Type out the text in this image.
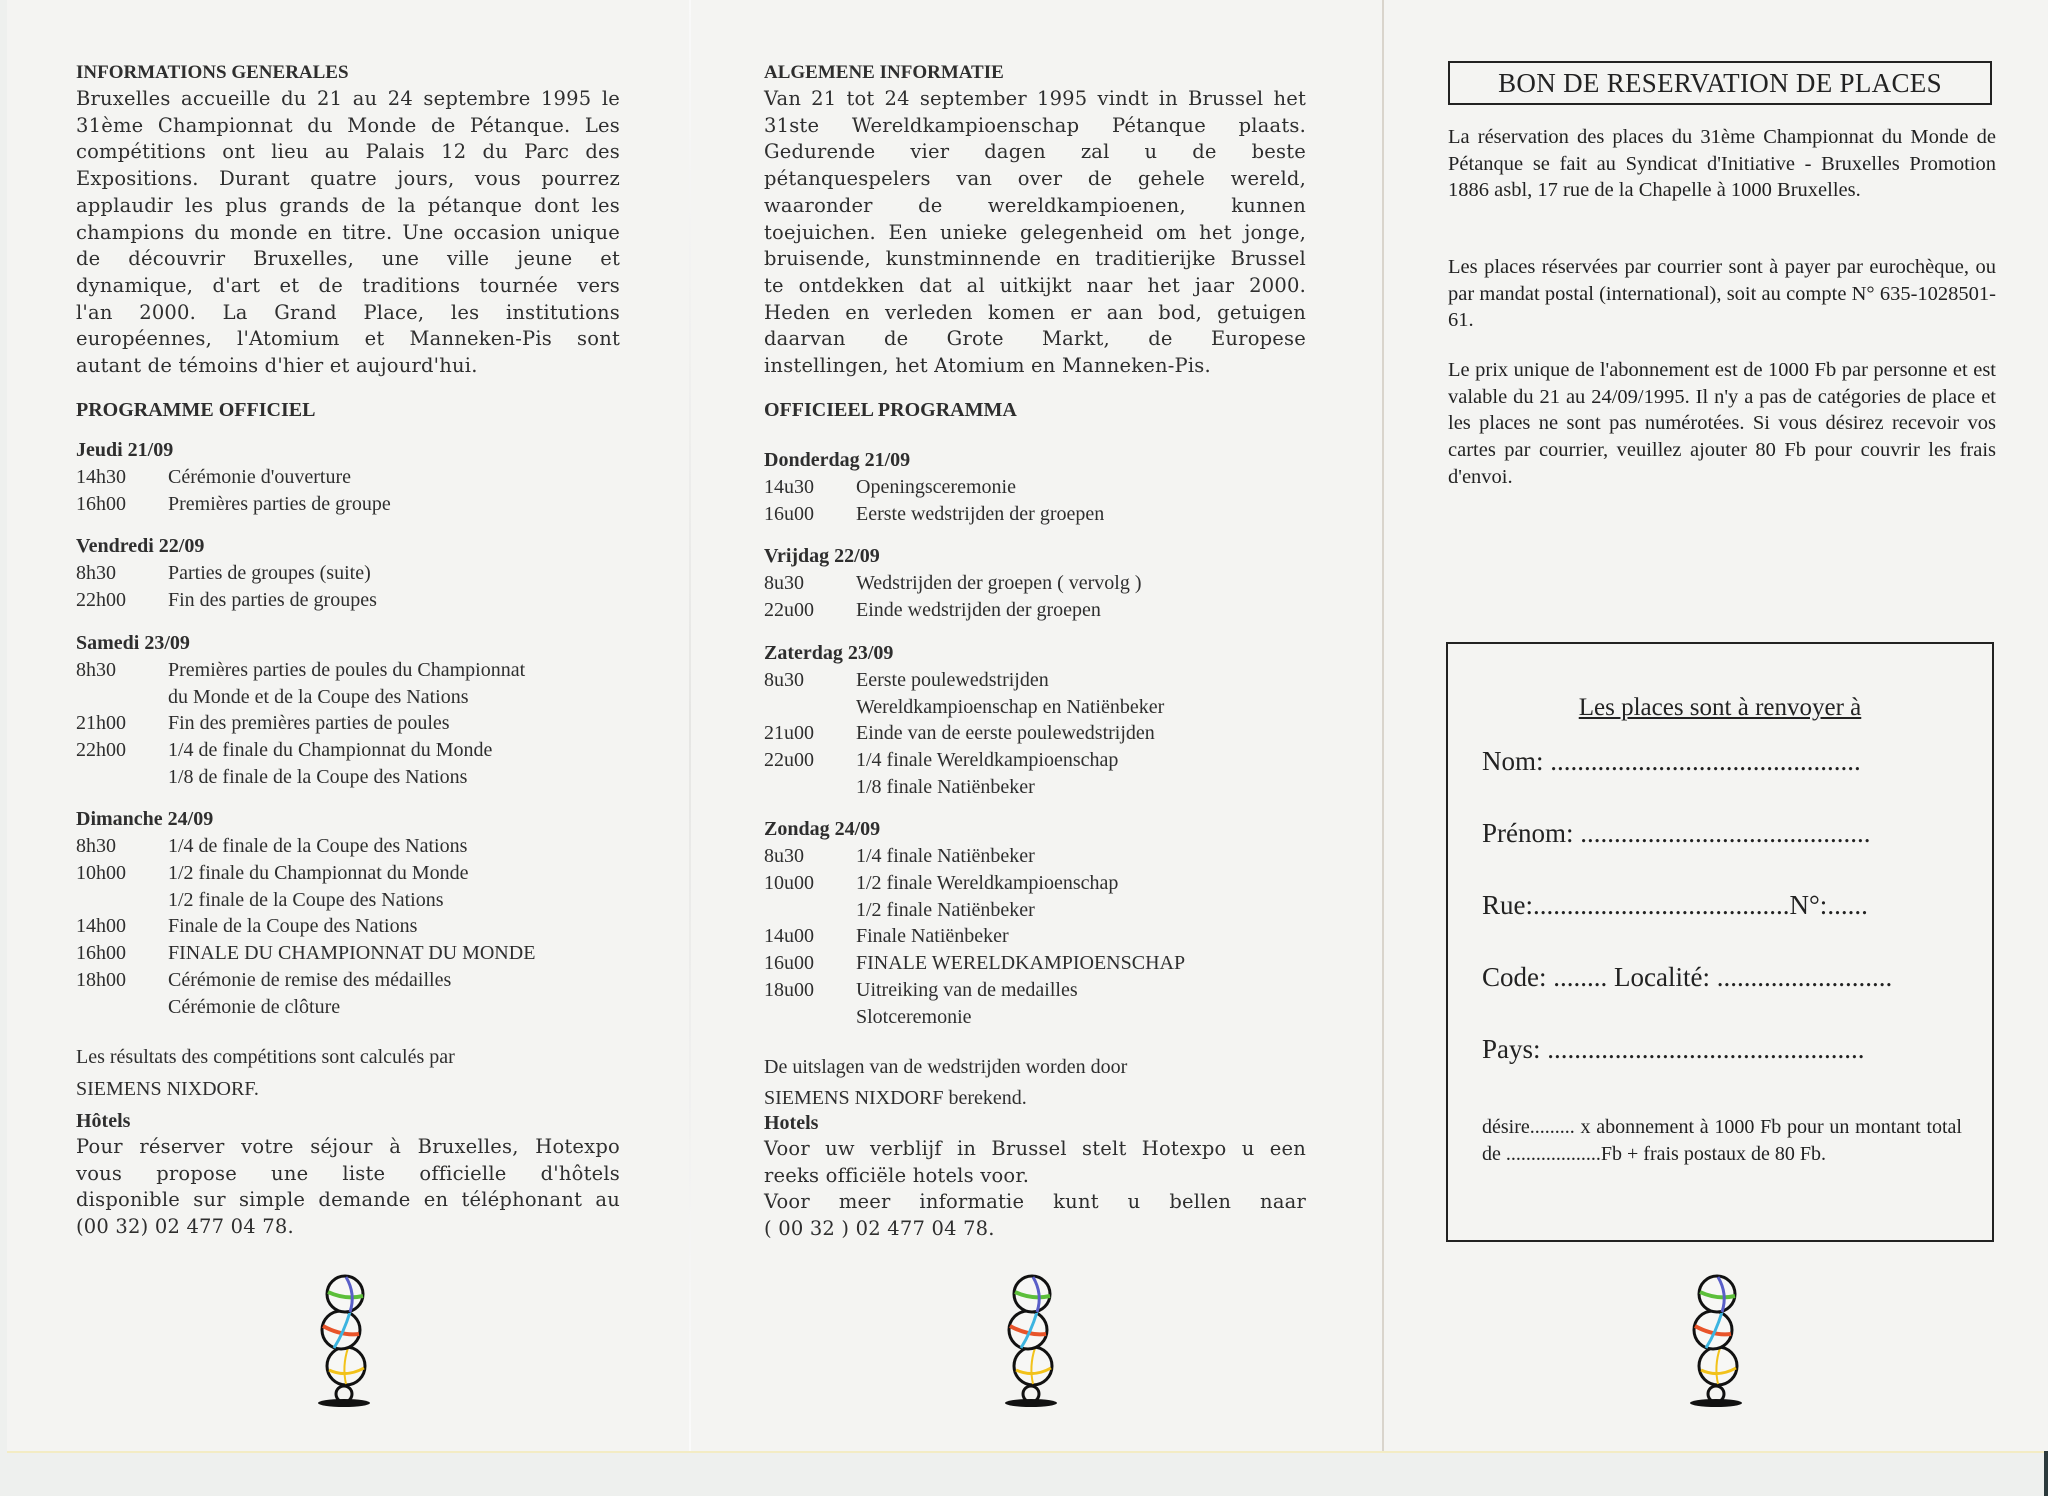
INFORMATIONS GENERALES

Bruxelles accueille du 21 au 24 septembre 1995 le

31ème Championnat du Monde de Pétanque. Les

compétitions ont lieu au Palais 12 du Parc des

Expositions. Durant quatre jours, vous pourrez

applaudir les plus grands de la pétanque dont les

champions du monde en titre. Une occasion unique

de découvrir Bruxelles, une ville jeune et

dynamique, d'art et de traditions tournée vers

l'an 2000. La Grand Place, les institutions

européennes, l'Atomium et Manneken-Pis sont

autant de témoins d'hier et aujourd'hui.

PROGRAMME OFFICIEL

Jeudi 21/09
14h30	Cérémonie d'ouverture
16h00	Premières parties de groupe
Vendredi 22/09
8h30	Parties de groupes (suite)
22h00	Fin des parties de groupes
Samedi 23/09
8h30	Premières parties de poules du Championnat
du Monde et de la Coupe des Nations
21h00	Fin des premières parties de poules
22h00	1/4 de finale du Championnat du Monde
1/8 de finale de la Coupe des Nations
Dimanche 24/09
8h30	1/4 de finale de la Coupe des Nations
10h00	1/2 finale du Championnat du Monde
1/2 finale de la Coupe des Nations
14h00	Finale de la Coupe des Nations
16h00	FINALE DU CHAMPIONNAT DU MONDE
18h00	Cérémonie de remise des médailles
Cérémonie de clôture

Les résultats des compétitions sont calculés par

SIEMENS NIXDORF.

Hôtels

Pour réserver votre séjour à Bruxelles, Hotexpo

vous propose une liste officielle d'hôtels

disponible sur simple demande en téléphonant au

(00 32) 02 477 04 78.

ALGEMENE INFORMATIE

Van 21 tot 24 september 1995 vindt in Brussel het

31ste Wereldkampioenschap Pétanque plaats.

Gedurende vier dagen zal u de beste

pétanquespelers van over de gehele wereld,

waaronder de wereldkampioenen, kunnen

toejuichen. Een unieke gelegenheid om het jonge,

bruisende, kunstminnende en traditierijke Brussel

te ontdekken dat al uitkijkt naar het jaar 2000.

Heden en verleden komen er aan bod, getuigen

daarvan de Grote Markt, de Europese

instellingen, het Atomium en Manneken-Pis.

OFFICIEEL PROGRAMMA

Donderdag 21/09
14u30	Openingsceremonie
16u00	Eerste wedstrijden der groepen
Vrijdag 22/09
8u30	Wedstrijden der groepen ( vervolg )
22u00	Einde wedstrijden der groepen
Zaterdag 23/09
8u30	Eerste poulewedstrijden
Wereldkampioenschap en Natiënbeker
21u00	Einde van de eerste poulewedstrijden
22u00	1/4 finale Wereldkampioenschap
1/8 finale Natiënbeker
Zondag 24/09
8u30	1/4 finale Natiënbeker
10u00	1/2 finale Wereldkampioenschap
1/2 finale Natiënbeker
14u00	Finale Natiënbeker
16u00	FINALE WERELDKAMPIOENSCHAP
18u00	Uitreiking van de medailles
Slotceremonie

De uitslagen van de wedstrijden worden door

SIEMENS NIXDORF berekend.

Hotels

Voor uw verblijf in Brussel stelt Hotexpo u een

reeks officiële hotels voor.

Voor meer informatie kunt u bellen naar

( 00 32 ) 02 477 04 78.

BON DE RESERVATION DE PLACES

La réservation des places du 31ème Championnat du Monde de Pétanque se fait au Syndicat d'Initiative - Bruxelles Promotion 1886 asbl, 17 rue de la Chapelle à 1000 Bruxelles.

Les places réservées par courrier sont à payer par eurochèque, ou par mandat postal (international), soit au compte N° 635-1028501-61.

Le prix unique de l'abonnement est de 1000 Fb par personne et est valable du 21 au 24/09/1995. Il n'y a pas de catégories de place et les places ne sont pas numérotées. Si vous désirez recevoir vos cartes par courrier, veuillez ajouter 80 Fb pour couvrir les frais d'envoi.

Les places sont à renvoyer à
Nom: ..............................................
Prénom: ...........................................
Rue:......................................N°:......
Code: ........ Localité: ..........................
Pays: ...............................................
désire......... x abonnement à 1000 Fb pour un montant total de ...................Fb + frais postaux de 80 Fb.
